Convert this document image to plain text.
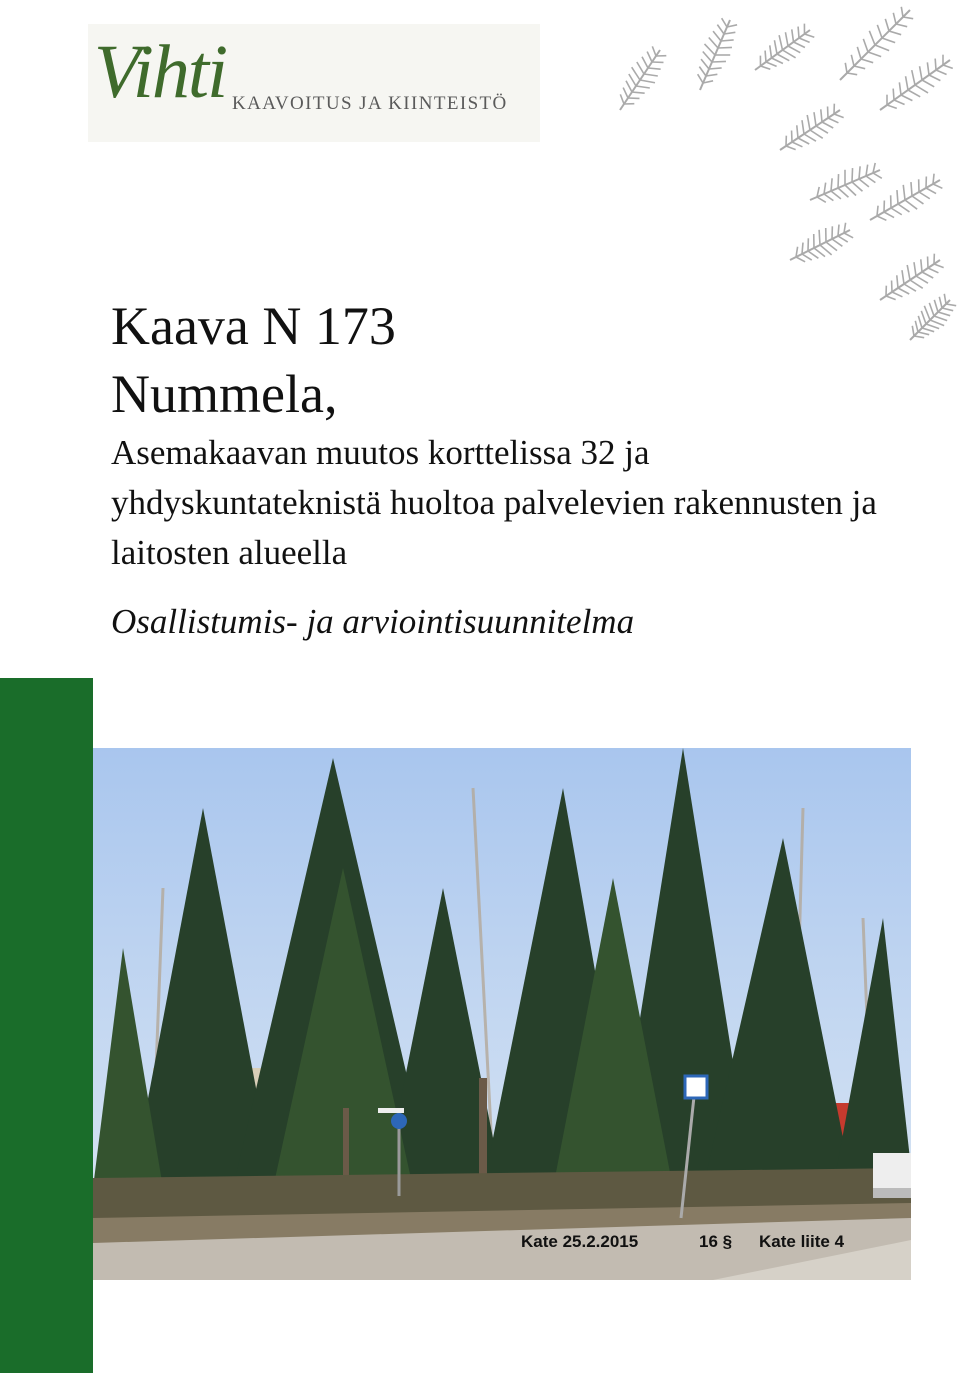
Vihti KAAVOITUS JA KIINTEISTÖ
Kaava N 173
Nummela,

Asemakaavan muutos korttelissa 32 ja yhdyskuntateknistä huoltoa palvelevien rakennusten ja laitosten alueella

Osallistumis- ja arviointisuunnitelma
Kate 25.2.2015	16 § Kate liite 4
